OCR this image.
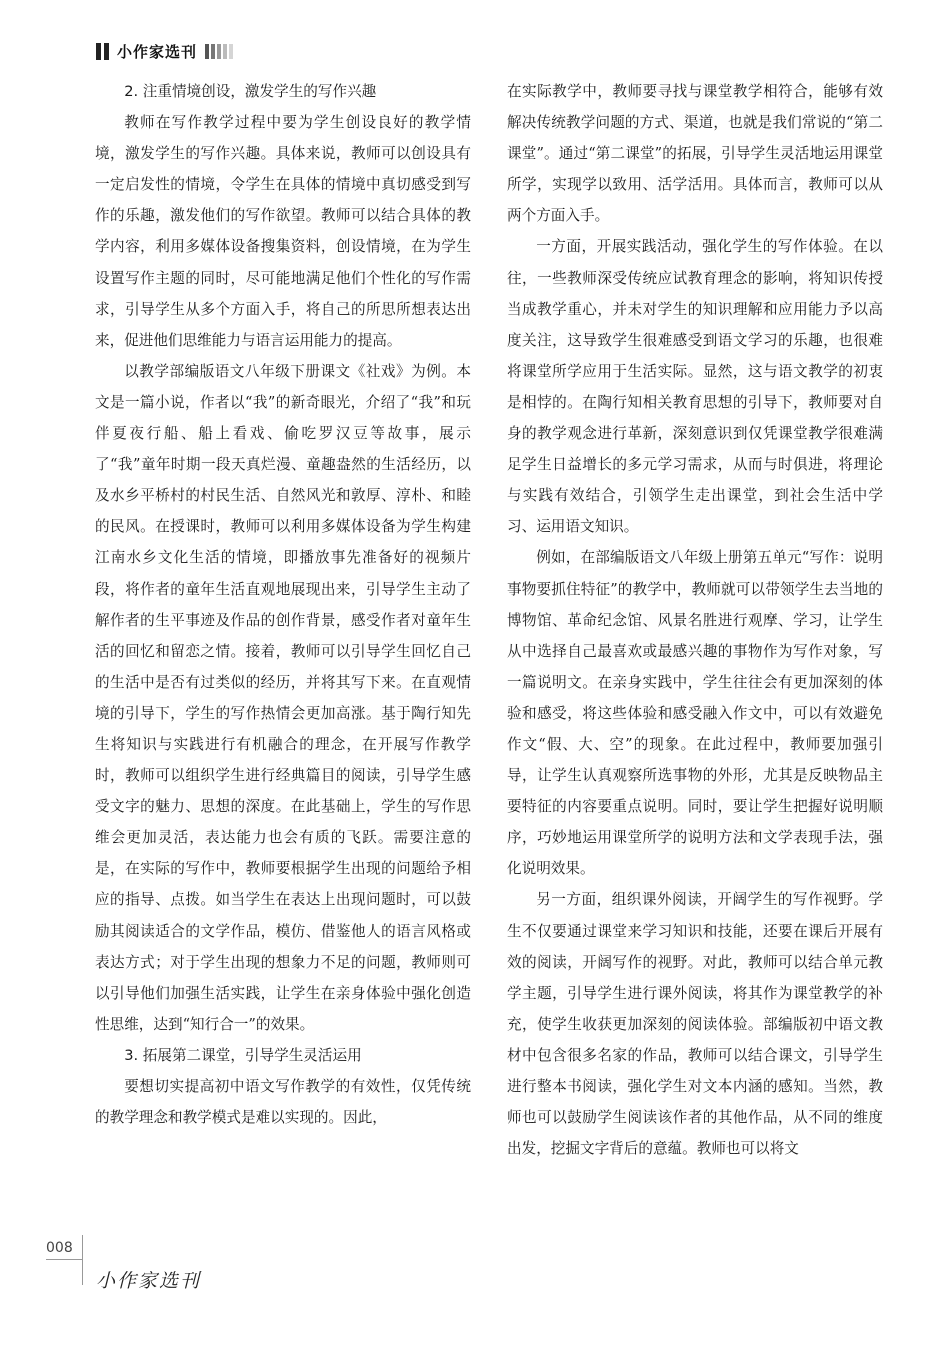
小作家选刊
2. 注重情境创设，激发学生的写作兴趣

教师在写作教学过程中要为学生创设良好的教学情境，激发学生的写作兴趣。具体来说，教师可以创设具有一定启发性的情境，令学生在具体的情境中真切感受到写作的乐趣，激发他们的写作欲望。教师可以结合具体的教学内容，利用多媒体设备搜集资料，创设情境，在为学生设置写作主题的同时，尽可能地满足他们个性化的写作需求，引导学生从多个方面入手，将自己的所思所想表达出来，促进他们思维能力与语言运用能力的提高。

以教学部编版语文八年级下册课文《社戏》为例。本文是一篇小说，作者以“我”的新奇眼光，介绍了“我”和玩伴夏夜行船、船上看戏、偷吃罗汉豆等故事，展示了“我”童年时期一段天真烂漫、童趣盎然的生活经历，以及水乡平桥村的村民生活、自然风光和敦厚、淳朴、和睦的民风。在授课时，教师可以利用多媒体设备为学生构建江南水乡文化生活的情境，即播放事先准备好的视频片段，将作者的童年生活直观地展现出来，引导学生主动了解作者的生平事迹及作品的创作背景，感受作者对童年生活的回忆和留恋之情。接着，教师可以引导学生回忆自己的生活中是否有过类似的经历，并将其写下来。在直观情境的引导下，学生的写作热情会更加高涨。基于陶行知先生将知识与实践进行有机融合的理念，在开展写作教学时，教师可以组织学生进行经典篇目的阅读，引导学生感受文字的魅力、思想的深度。在此基础上，学生的写作思维会更加灵活，表达能力也会有质的飞跃。需要注意的是，在实际的写作中，教师要根据学生出现的问题给予相应的指导、点拨。如当学生在表达上出现问题时，可以鼓励其阅读适合的文学作品，模仿、借鉴他人的语言风格或表达方式；对于学生出现的想象力不足的问题，教师则可以引导他们加强生活实践，让学生在亲身体验中强化创造性思维，达到“知行合一”的效果。

3. 拓展第二课堂，引导学生灵活运用

要想切实提高初中语文写作教学的有效性，仅凭传统的教学理念和教学模式是难以实现的。因此，

在实际教学中，教师要寻找与课堂教学相符合，能够有效解决传统教学问题的方式、渠道，也就是我们常说的“第二课堂”。通过“第二课堂”的拓展，引导学生灵活地运用课堂所学，实现学以致用、活学活用。具体而言，教师可以从两个方面入手。

一方面，开展实践活动，强化学生的写作体验。在以往，一些教师深受传统应试教育理念的影响，将知识传授当成教学重心，并未对学生的知识理解和应用能力予以高度关注，这导致学生很难感受到语文学习的乐趣，也很难将课堂所学应用于生活实际。显然，这与语文教学的初衷是相悖的。在陶行知相关教育思想的引导下，教师要对自身的教学观念进行革新，深刻意识到仅凭课堂教学很难满足学生日益增长的多元学习需求，从而与时俱进，将理论与实践有效结合，引领学生走出课堂，到社会生活中学习、运用语文知识。

例如，在部编版语文八年级上册第五单元“写作：说明事物要抓住特征”的教学中，教师就可以带领学生去当地的博物馆、革命纪念馆、风景名胜进行观摩、学习，让学生从中选择自己最喜欢或最感兴趣的事物作为写作对象，写一篇说明文。在亲身实践中，学生往往会有更加深刻的体验和感受，将这些体验和感受融入作文中，可以有效避免作文“假、大、空”的现象。在此过程中，教师要加强引导，让学生认真观察所选事物的外形，尤其是反映物品主要特征的内容要重点说明。同时，要让学生把握好说明顺序，巧妙地运用课堂所学的说明方法和文学表现手法，强化说明效果。

另一方面，组织课外阅读，开阔学生的写作视野。学生不仅要通过课堂来学习知识和技能，还要在课后开展有效的阅读，开阔写作的视野。对此，教师可以结合单元教学主题，引导学生进行课外阅读，将其作为课堂教学的补充，使学生收获更加深刻的阅读体验。部编版初中语文教材中包含很多名家的作品，教师可以结合课文，引导学生进行整本书阅读，强化学生对文本内涵的感知。当然，教师也可以鼓励学生阅读该作者的其他作品，从不同的维度出发，挖掘文字背后的意蕴。教师也可以将文

008
小作家选刊
